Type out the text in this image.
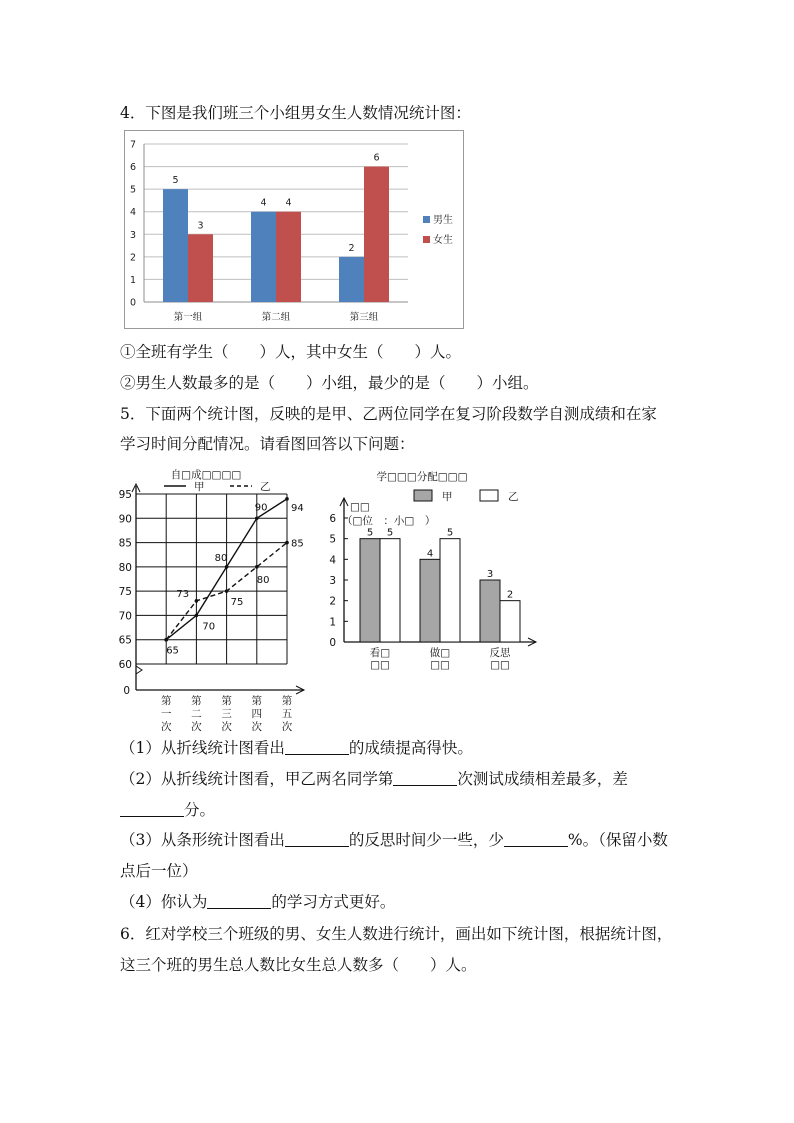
4．下图是我们班三个小组男女生人数情况统计图：
0
1
2
3
4
5
6
7
5
3
第一组
4 4
第二组
2
6
第三组
男生
女生
①全班有学生（　　）人，其中女生（　　）人。
②男生人数最多的是（　　）小组，最少的是（　　）小组。
5．下面两个统计图，反映的是甲、乙两位同学在复习阶段数学自测成绩和在家
学习时间分配情况。请看图回答以下问题：
自□成□□□□
甲	乙
0
60
65
70
75
80
85
90
95
65
70
80
90 94
73
75
80
85
第
一
次
第
二
次
第
三
次
第
四
次
第
五
次
学□□□分配□□□
甲	乙
□□
（□位　：小□　）
0
1
2
3
4
5
6
5 5
看□
□□
4
5
做□
□□
3
2
反思
□□
（1）从折线统计图看出	的成绩提高得快。
（2）从折线统计图看，甲乙两名同学第	次测试成绩相差最多，差
分。
（3）从条形统计图看出	的反思时间少一些，少	%。（保留小数
点后一位）
（4）你认为	的学习方式更好。
6．红对学校三个班级的男、女生人数进行统计，画出如下统计图，根据统计图，
这三个班的男生总人数比女生总人数多（　　）人。
